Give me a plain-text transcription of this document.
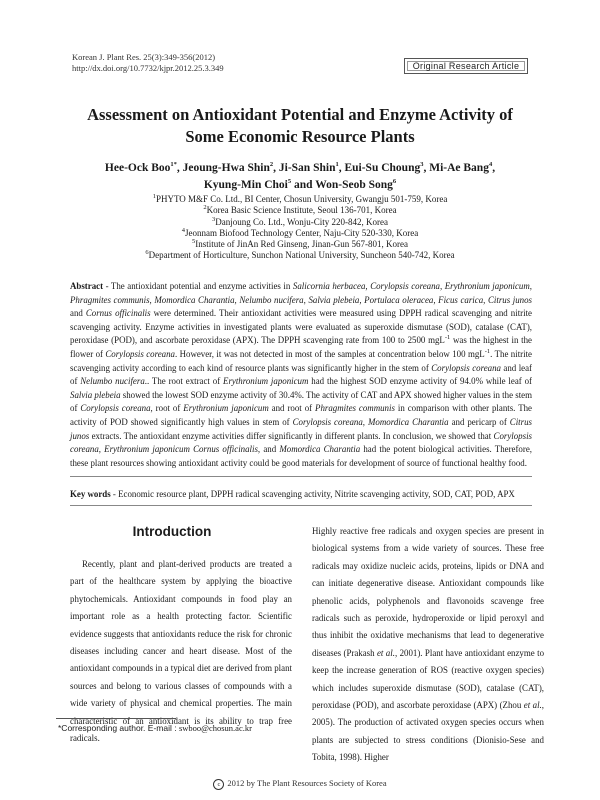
Korean J. Plant Res. 25(3):349-356(2012)
http://dx.doi.org/10.7732/kjpr.2012.25.3.349	Original Research Article
Assessment on Antioxidant Potential and Enzyme Activity of
Some Economic Resource Plants
Hee-Ock Boo$^{1*}$, Jeoung-Hwa Shin$^2$, Ji-San Shin$^1$, Eui-Su Choung$^3$, Mi-Ae Bang$^4$,
Kyung-Min Choi$^5$ and Won-Seob Song$^6$
$^1$PHYTO M&F Co. Ltd., BI Center, Chosun University, Gwangju 501-759, Korea
$^2$Korea Basic Science Institute, Seoul 136-701, Korea
$^3$Danjoung Co. Ltd., Wonju-City 220-842, Korea
$^4$Jeonnam Biofood Technology Center, Naju-City 520-330, Korea
$^5$Institute of JinAn Red Ginseng, Jinan-Gun 567-801, Korea
$^6$Department of Horticulture, Sunchon National University, Suncheon 540-742, Korea
Abstract - The antioxidant potential and enzyme activities in Salicornia herbacea, Corylopsis coreana, Erythronium japonicum, Phragmites communis, Momordica Charantia, Nelumbo nucifera, Salvia plebeia, Portulaca oleracea, Ficus carica, Citrus junos and Cornus officinalis were determined. Their antioxidant activities were measured using DPPH radical scavenging and nitrite scavenging activity. Enzyme activities in investigated plants were evaluated as superoxide dismutase (SOD), catalase (CAT), peroxidase (POD), and ascorbate peroxidase (APX). The DPPH scavenging rate from 100 to 2500 mgL$^{-1}$ was the highest in the flower of Corylopsis coreana. However, it was not detected in most of the samples at concentration below 100 mgL$^{-1}$. The nitrite scavenging activity according to each kind of resource plants was significantly higher in the stem of Corylopsis coreana and leaf of Nelumbo nucifera.. The root extract of Erythronium japonicum had the highest SOD enzyme activity of 94.0% while leaf of Salvia plebeia showed the lowest SOD enzyme activity of 30.4%. The activity of CAT and APX showed higher values in the stem of Corylopsis coreana, root of Erythronium japonicum and root of Phragmites communis in comparison with other plants. The activity of POD showed significantly high values in stem of Corylopsis coreana, Momordica Charantia and pericarp of Citrus junos extracts. The antioxidant enzyme activities differ significantly in different plants. In conclusion, we showed that Corylopsis coreana, Erythronium japonicum Cornus officinalis, and Momordica Charantia had the potent biological activities. Therefore, these plant resources showing antioxidant activity could be good materials for development of source of functional healthy food.
Key words - Economic resource plant, DPPH radical scavenging activity, Nitrite scavenging activity, SOD, CAT, POD, APX
Introduction

Recently, plant and plant-derived products are treated a part of the healthcare system by applying the bioactive phytochemicals. Antioxidant compounds in food play an important role as a health protecting factor. Scientific evidence suggests that antioxidants reduce the risk for chronic diseases including cancer and heart disease. Most of the antioxidant compounds in a typical diet are derived from plant sources and belong to various classes of compounds with a wide variety of physical and chemical properties. The main characteristic of an antioxidant is its ability to trap free radicals.

Highly reactive free radicals and oxygen species are present in biological systems from a wide variety of sources. These free radicals may oxidize nucleic acids, proteins, lipids or DNA and can initiate degenerative disease. Antioxidant compounds like phenolic acids, polyphenols and flavonoids scavenge free radicals such as peroxide, hydroperoxide or lipid peroxyl and thus inhibit the oxidative mechanisms that lead to degenerative diseases (Prakash et al., 2001). Plant have antioxidant enzyme to keep the increase generation of ROS (reactive oxygen species) which includes superoxide dismutase (SOD), catalase (CAT), peroxidase (POD), and ascorbate peroxidase (APX) (Zhou et al., 2005). The production of activated oxygen species occurs when plants are subjected to stress conditions (Dionisio-Sese and Tobita, 1998). Higher

*Corresponding author. E-mail : swboo@chosun.ac.kr
c 2012 by The Plant Resources Society of Korea
